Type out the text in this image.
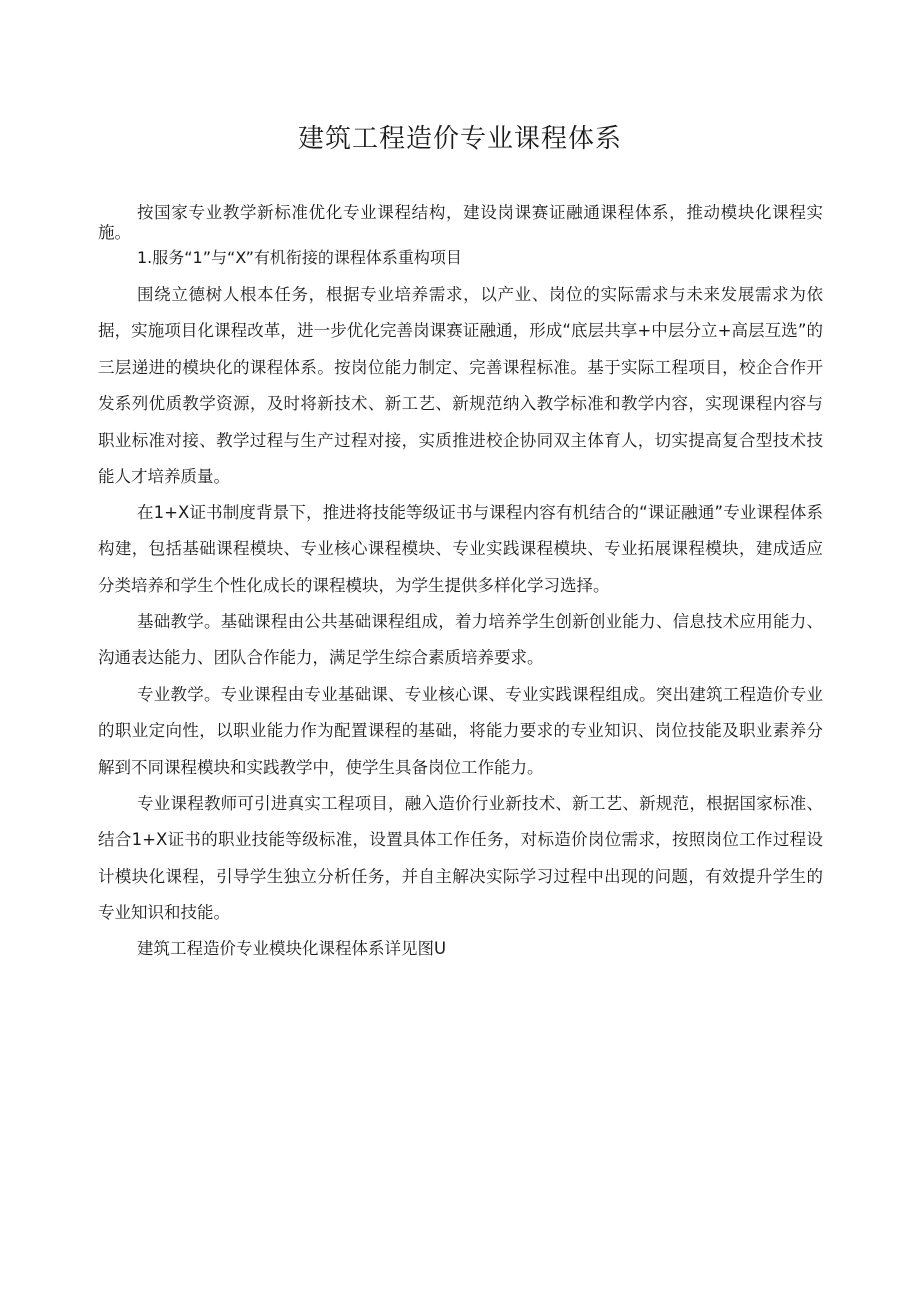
建筑工程造价专业课程体系

按国家专业教学新标准优化专业课程结构，建设岗课赛证融通课程体系，推动模块化课程实施。

1.服务“1”与“X”有机衔接的课程体系重构项目

围绕立德树人根本任务，根据专业培养需求，以产业、岗位的实际需求与未来发展需求为依据，实施项目化课程改革，进一步优化完善岗课赛证融通，形成“底层共享+中层分立+高层互选”的三层递进的模块化的课程体系。按岗位能力制定、完善课程标准。基于实际工程项目，校企合作开发系列优质教学资源，及时将新技术、新工艺、新规范纳入教学标准和教学内容，实现课程内容与职业标准对接、教学过程与生产过程对接，实质推进校企协同双主体育人，切实提高复合型技术技能人才培养质量。

在1+X证书制度背景下，推进将技能等级证书与课程内容有机结合的“课证融通”专业课程体系构建，包括基础课程模块、专业核心课程模块、专业实践课程模块、专业拓展课程模块，建成适应分类培养和学生个性化成长的课程模块，为学生提供多样化学习选择。

基础教学。基础课程由公共基础课程组成，着力培养学生创新创业能力、信息技术应用能力、沟通表达能力、团队合作能力，满足学生综合素质培养要求。

专业教学。专业课程由专业基础课、专业核心课、专业实践课程组成。突出建筑工程造价专业的职业定向性，以职业能力作为配置课程的基础，将能力要求的专业知识、岗位技能及职业素养分解到不同课程模块和实践教学中，使学生具备岗位工作能力。

专业课程教师可引进真实工程项目，融入造价行业新技术、新工艺、新规范，根据国家标准、结合1+X证书的职业技能等级标准，设置具体工作任务，对标造价岗位需求，按照岗位工作过程设计模块化课程，引导学生独立分析任务，并自主解决实际学习过程中出现的问题，有效提升学生的专业知识和技能。

建筑工程造价专业模块化课程体系详见图U
